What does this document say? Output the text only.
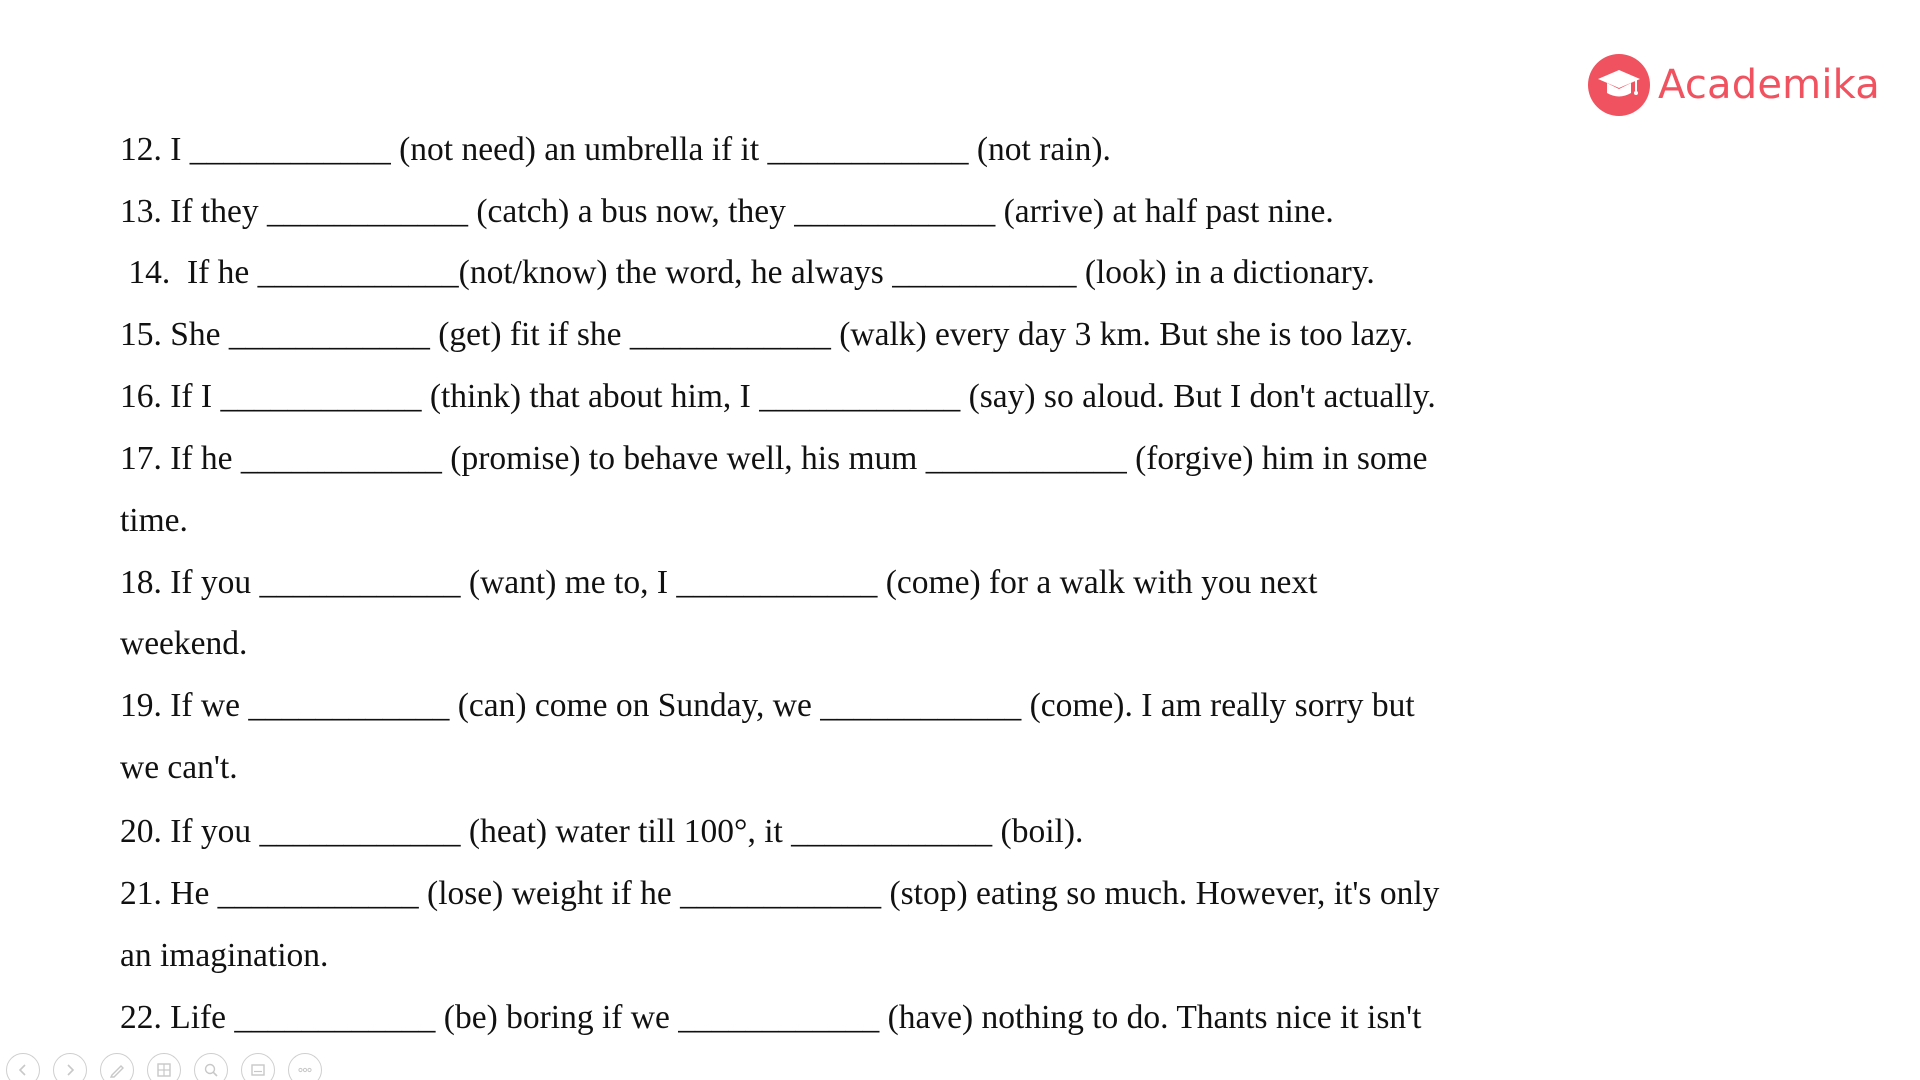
Academika
12. I ____________ (not need) an umbrella if it ____________ (not rain).
13. If they ____________ (catch) a bus now, they ____________ (arrive) at half past nine.
14.  If he ____________(not/know) the word, he always ___________ (look) in a dictionary.
15. She ____________ (get) fit if she ____________ (walk) every day 3 km. But she is too lazy.
16. If I ____________ (think) that about him, I ____________ (say) so aloud. But I don't actually.
17. If he ____________ (promise) to behave well, his mum ____________ (forgive) him in some
time.
18. If you ____________ (want) me to, I ____________ (come) for a walk with you next
weekend.
19. If we ____________ (can) come on Sunday, we ____________ (come). I am really sorry but
we can't.
20. If you ____________ (heat) water till 100°, it ____________ (boil).
21. He ____________ (lose) weight if he ____________ (stop) eating so much. However, it's only
an imagination.
22. Life ____________ (be) boring if we ____________ (have) nothing to do. Thants nice it isn't
